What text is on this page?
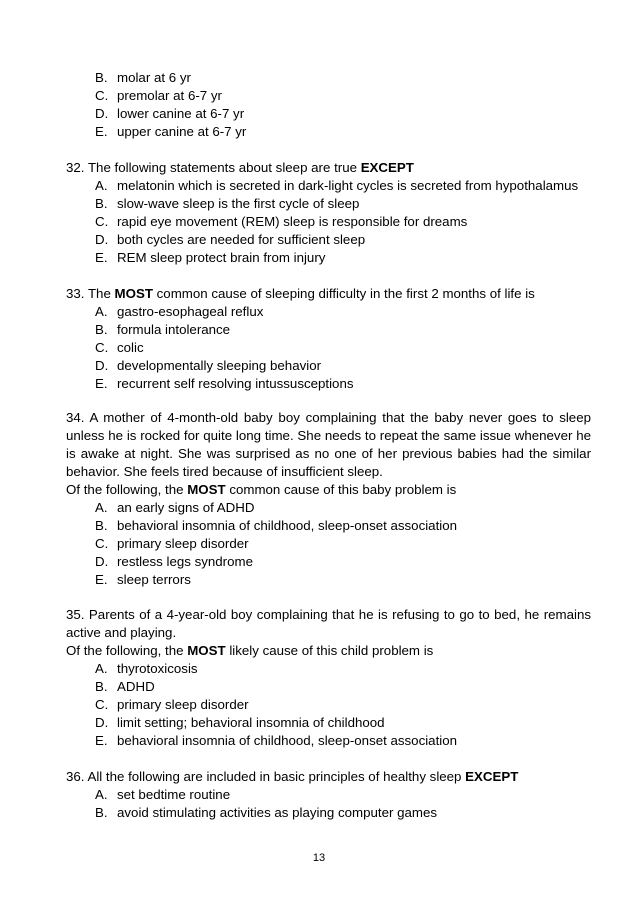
B. molar at 6 yr
C. premolar at 6-7 yr
D. lower canine at 6-7 yr
E. upper canine at 6-7 yr
32. The following statements about sleep are true EXCEPT
A. melatonin which is secreted in dark-light cycles is secreted from hypothalamus
B. slow-wave sleep is the first cycle of sleep
C. rapid eye movement (REM) sleep is responsible for dreams
D. both cycles are needed for sufficient sleep
E. REM sleep protect brain from injury
33. The MOST common cause of sleeping difficulty in the first 2 months of life is
A. gastro-esophageal reflux
B. formula intolerance
C. colic
D. developmentally sleeping behavior
E. recurrent self resolving intussusceptions
34. A mother of 4-month-old baby boy complaining that the baby never goes to sleep unless he is rocked for quite long time. She needs to repeat the same issue whenever he is awake at night. She was surprised as no one of her previous babies had the similar behavior. She feels tired because of insufficient sleep.
Of the following, the MOST common cause of this baby problem is
A. an early signs of ADHD
B. behavioral insomnia of childhood, sleep-onset association
C. primary sleep disorder
D. restless legs syndrome
E. sleep terrors
35. Parents of a 4-year-old boy complaining that he is refusing to go to bed, he remains active and playing.
Of the following, the MOST likely cause of this child problem is
A. thyrotoxicosis
B. ADHD
C. primary sleep disorder
D. limit setting; behavioral insomnia of childhood
E. behavioral insomnia of childhood, sleep-onset association
36. All the following are included in basic principles of healthy sleep EXCEPT
A. set bedtime routine
B. avoid stimulating activities as playing computer games
13
